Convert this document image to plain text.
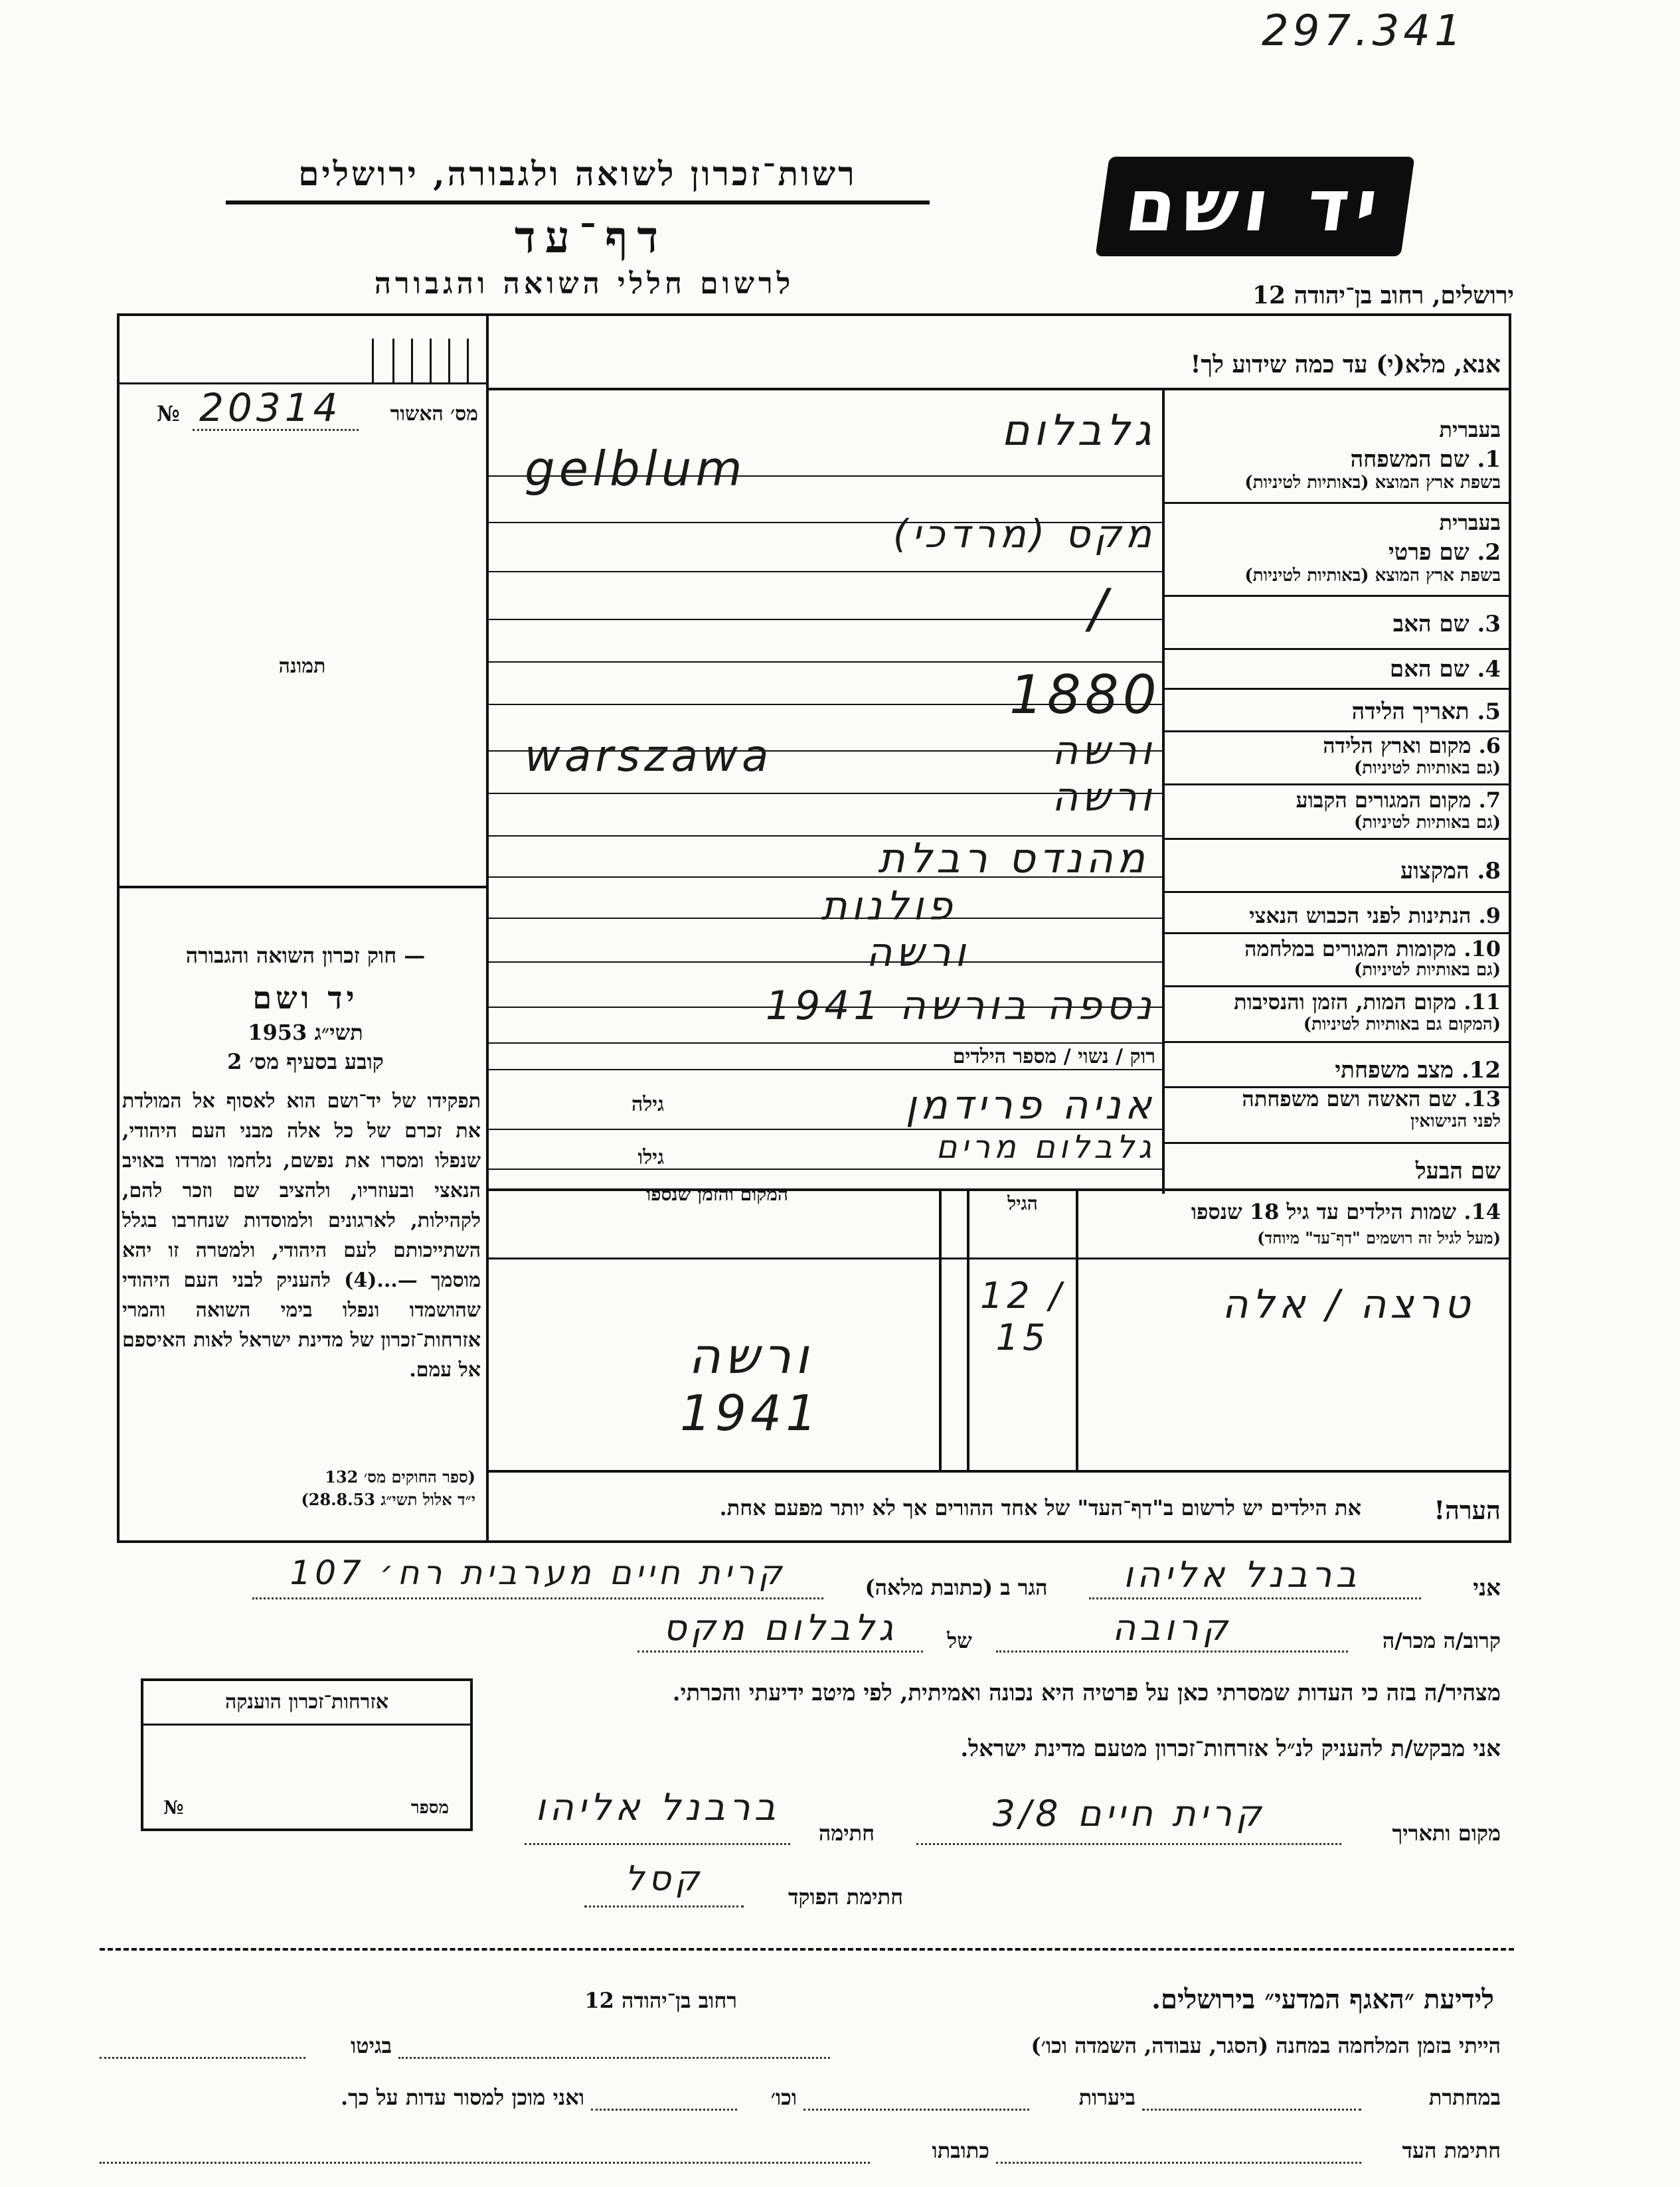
297.341
יד ושם
רשות־זכרון לשואה ולגבורה, ירושלים
דף־עד
לרשום חללי השואה והגבורה	ירושלים, רחוב בן־יהודה 12
№ 20314	מס׳ האשור
תמונה
— חוק זכרון השואה והגבורה
יד ושם
תשי״ג 1953
קובע בסעיף מס׳ 2
תפקידו של יד־ושם הוא לאסוף אל המולדת את זכרם של כל אלה מבני העם היהודי, שנפלו ומסרו את נפשם, נלחמו ומרדו באויב הנאצי ובעוזריו, ולהציב שם וזכר להם, לקהילות, לארגונים ולמוסדות שנחרבו בגלל השתייכותם לעם היהודי, ולמטרה זו יהא מוסמך —...(4) להעניק לבני העם היהודי שהושמדו ונפלו בימי השואה והמרי אזרחות־זכרון של מדינת ישראל לאות האיספם אל עמם.
(ספר החוקים מס׳ 132
י״ד אלול תשי״ג 28.8.53)
אנא, מלא(י) עד כמה שידוע לך!
בעברית
1. שם המשפחה
בשפת ארץ המוצא (באותיות לטיניות)
בעברית
2. שם פרטי
בשפת ארץ המוצא (באותיות לטיניות)
3. שם האב
4. שם האם
5. תאריך הלידה
6. מקום וארץ הלידה
(גם באותיות לטיניות)
7. מקום המגורים הקבוע
(גם באותיות לטיניות)
8. המקצוע
9. הנתינות לפני הכבוש הנאצי
10. מקומות המגורים במלחמה
(גם באותיות לטיניות)
11. מקום המות, הזמן והנסיבות
(המקום גם באותיות לטיניות)
12. מצב משפחתי
13. שם האשה ושם משפחתה
לפני הנישואין
שם הבעל
גלבלום
gelblum
מקס (מרדכי)
/
1880
ורשה
warszawa
ורשה
מהנדס רבלת
פולנות
ורשה
נספה בורשה 1941
רוק / נשוי / מספר הילדים
אניה פרידמן
גילה
גלבלום מרים
גילו
14. שמות הילדים עד גיל 18 שנספו
(מעל לגיל זה רושמים "דף־עד" מיוחד)
הגיל
המקום והזמן שנספו
טרצה / אלה
12 / 15
ורשה 1941
הערה!
את הילדים יש לרשום ב"דף־העד" של אחד ההורים אך לא יותר מפעם אחת.
אני
ברבנל אליהו
הגר ב (כתובת מלאה)
קרית חיים מערבית רח׳ 107
קרוב/ה מכר/ה
קרובה
של
גלבלום מקס
מצהיר/ה בזה כי העדות שמסרתי כאן על פרטיה היא נכונה ואמיתית, לפי מיטב ידיעתי והכרתי.
אני מבקש/ת להעניק לנ״ל אזרחות־זכרון מטעם מדינת ישראל.
מקום ותאריך
קרית חיים 3/8
חתימה
ברבנל אליהו
חתימת הפוקד
קסל
אזרחות־זכרון הוענקה
מספר
№
לידיעת ״האגף המדעי״ בירושלים.
רחוב בן־יהודה 12
הייתי בזמן המלחמה במחנה (הסגר, עבודה, השמדה וכו׳)
בגיטו
במחתרת
ביערות
וכו׳
ואני מוכן למסור עדות על כך.
חתימת העד
כתובתו
